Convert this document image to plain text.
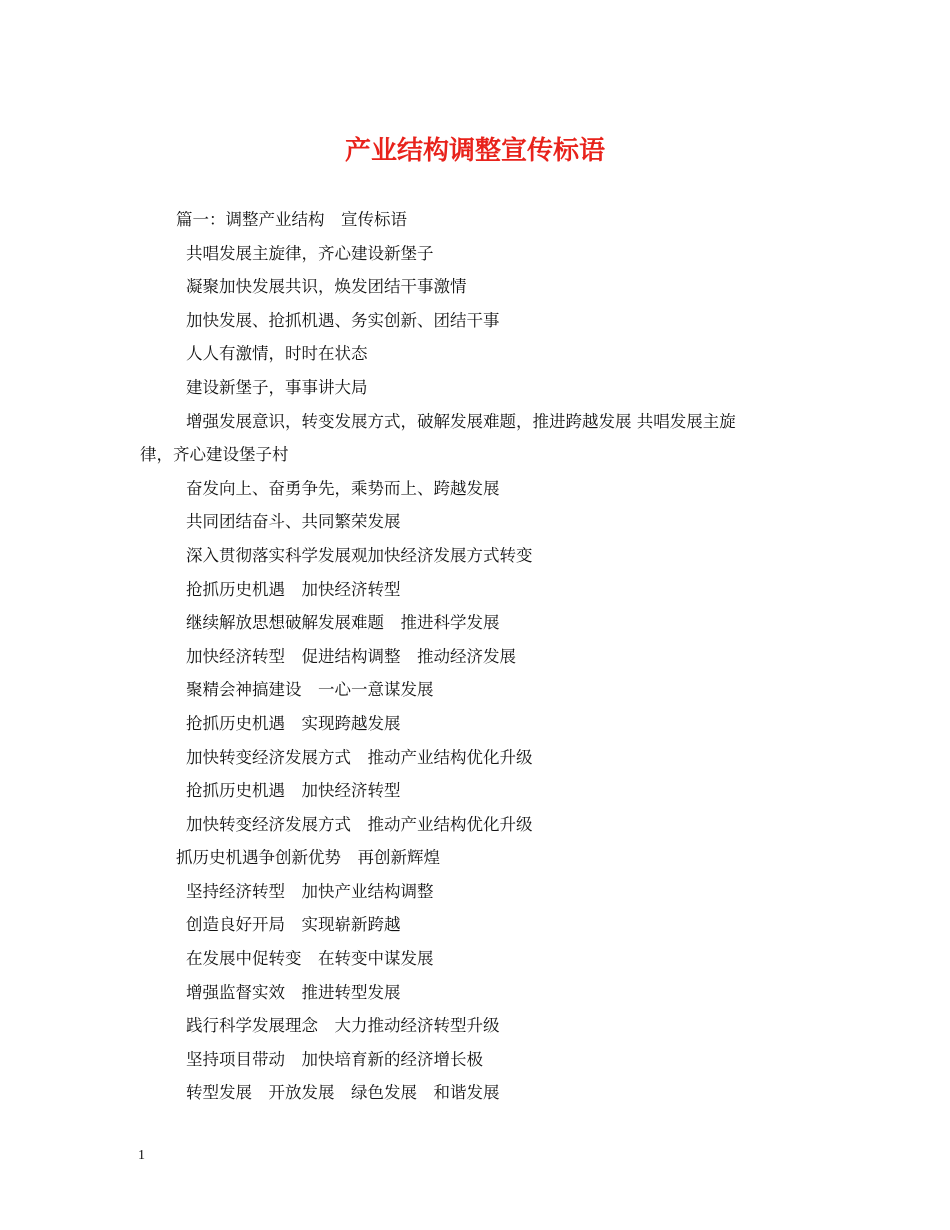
产业结构调整宣传标语
篇一：调整产业结构　宣传标语
共唱发展主旋律，齐心建设新堡子
凝聚加快发展共识，焕发团结干事激情
加快发展、抢抓机遇、务实创新、团结干事
人人有激情，时时在状态
建设新堡子，事事讲大局
增强发展意识，转变发展方式，破解发展难题，推进跨越发展 共唱发展主旋
律，齐心建设堡子村
奋发向上、奋勇争先，乘势而上、跨越发展
共同团结奋斗、共同繁荣发展
深入贯彻落实科学发展观加快经济发展方式转变
抢抓历史机遇　加快经济转型
继续解放思想破解发展难题　推进科学发展
加快经济转型　促进结构调整　推动经济发展
聚精会神搞建设　一心一意谋发展
抢抓历史机遇　实现跨越发展
加快转变经济发展方式　推动产业结构优化升级
抢抓历史机遇　加快经济转型
加快转变经济发展方式　推动产业结构优化升级
抓历史机遇争创新优势　再创新辉煌
坚持经济转型　加快产业结构调整
创造良好开局　实现崭新跨越
在发展中促转变　在转变中谋发展
增强监督实效　推进转型发展
践行科学发展理念　大力推动经济转型升级
坚持项目带动　加快培育新的经济增长极
转型发展　开放发展　绿色发展　和谐发展
1
